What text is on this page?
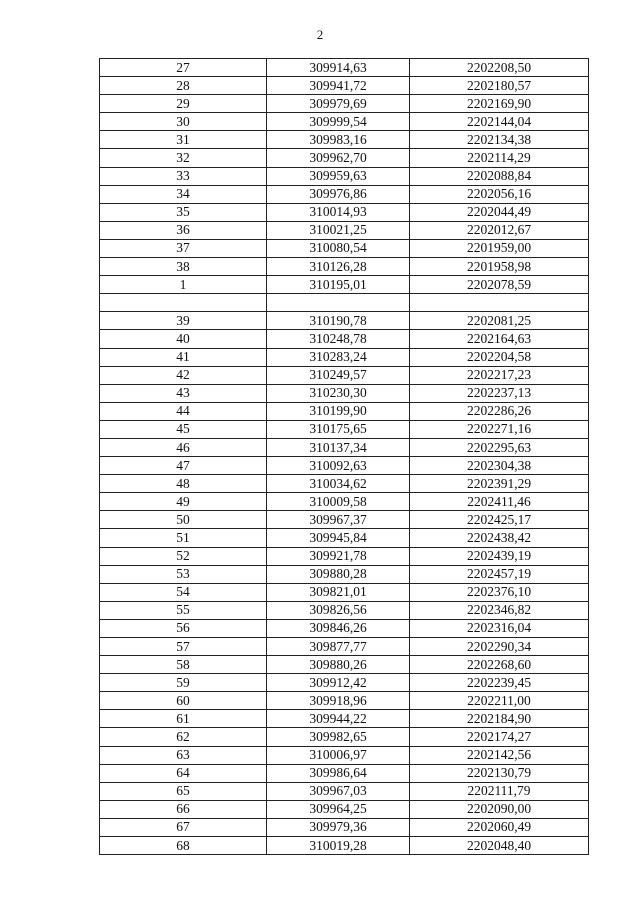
2
27	309914,63	2202208,50
28	309941,72	2202180,57
29	309979,69	2202169,90
30	309999,54	2202144,04
31	309983,16	2202134,38
32	309962,70	2202114,29
33	309959,63	2202088,84
34	309976,86	2202056,16
35	310014,93	2202044,49
36	310021,25	2202012,67
37	310080,54	2201959,00
38	310126,28	2201958,98
1	310195,01	2202078,59

39	310190,78	2202081,25
40	310248,78	2202164,63
41	310283,24	2202204,58
42	310249,57	2202217,23
43	310230,30	2202237,13
44	310199,90	2202286,26
45	310175,65	2202271,16
46	310137,34	2202295,63
47	310092,63	2202304,38
48	310034,62	2202391,29
49	310009,58	2202411,46
50	309967,37	2202425,17
51	309945,84	2202438,42
52	309921,78	2202439,19
53	309880,28	2202457,19
54	309821,01	2202376,10
55	309826,56	2202346,82
56	309846,26	2202316,04
57	309877,77	2202290,34
58	309880,26	2202268,60
59	309912,42	2202239,45
60	309918,96	2202211,00
61	309944,22	2202184,90
62	309982,65	2202174,27
63	310006,97	2202142,56
64	309986,64	2202130,79
65	309967,03	2202111,79
66	309964,25	2202090,00
67	309979,36	2202060,49
68	310019,28	2202048,40
